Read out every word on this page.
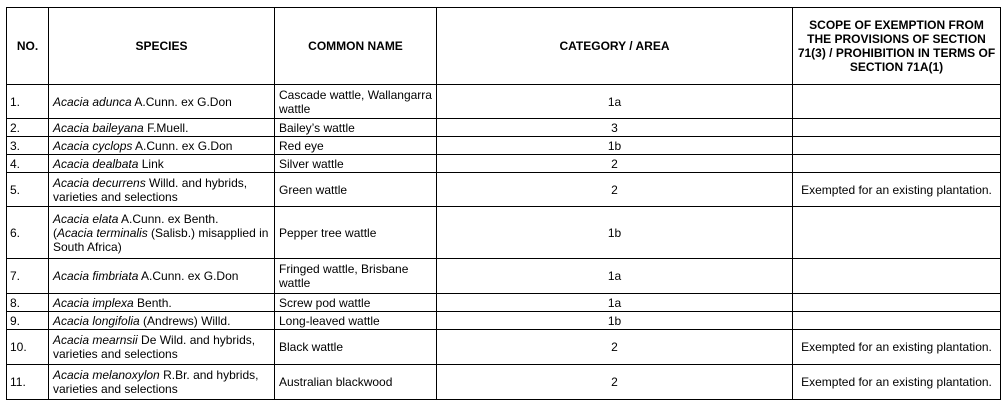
NO.	SPECIES	COMMON NAME	CATEGORY / AREA	SCOPE OF EXEMPTION FROM THE PROVISIONS OF SECTION 71(3) / PROHIBITION IN TERMS OF SECTION 71A(1)
1.	Acacia adunca A.Cunn. ex G.Don	Cascade wattle, Wallangarra wattle	1a	
2.	Acacia baileyana F.Muell.	Bailey’s wattle	3	
3.	Acacia cyclops A.Cunn. ex G.Don	Red eye	1b	
4.	Acacia dealbata Link	Silver wattle	2	
5.	Acacia decurrens Willd. and hybrids, varieties and selections	Green wattle	2	Exempted for an existing plantation.
6.	Acacia elata A.Cunn. ex Benth.
(Acacia terminalis (Salisb.) misapplied in South Africa)	Pepper tree wattle	1b	
7.	Acacia fimbriata A.Cunn. ex G.Don	Fringed wattle, Brisbane wattle	1a	
8.	Acacia implexa Benth.	Screw pod wattle	1a	
9.	Acacia longifolia (Andrews) Willd.	Long-leaved wattle	1b	
10.	Acacia mearnsii De Wild. and hybrids, varieties and selections	Black wattle	2	Exempted for an existing plantation.
11.	Acacia melanoxylon R.Br. and hybrids, varieties and selections	Australian blackwood	2	Exempted for an existing plantation.
